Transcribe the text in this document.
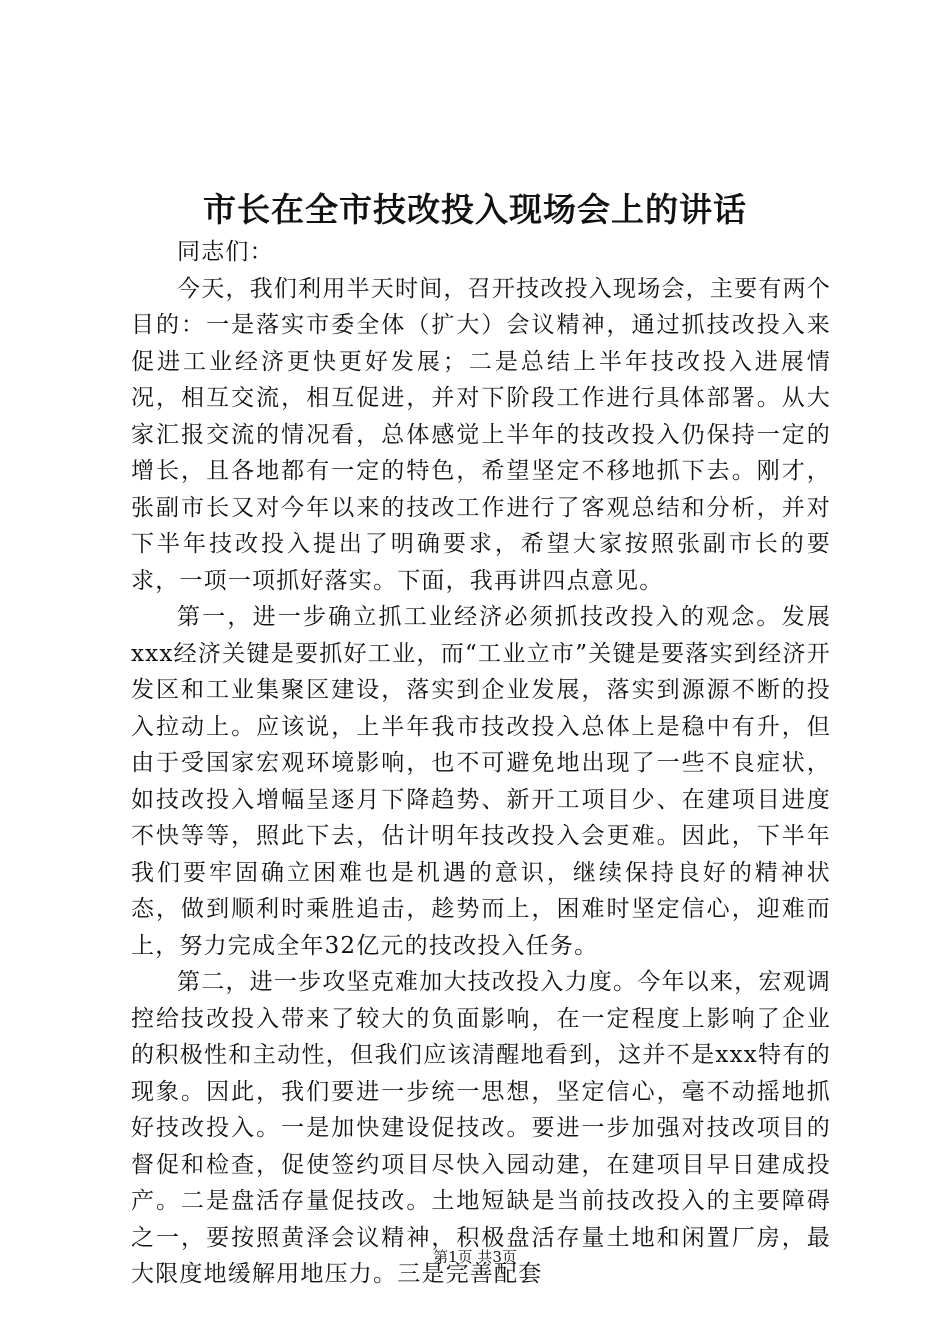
市长在全市技改投入现场会上的讲话

同志们：

今天，我们利用半天时间，召开技改投入现场会，主要有两个目的：一是落实市委全体（扩大）会议精神，通过抓技改投入来促进工业经济更快更好发展；二是总结上半年技改投入进展情况，相互交流，相互促进，并对下阶段工作进行具体部署。从大家汇报交流的情况看，总体感觉上半年的技改投入仍保持一定的增长，且各地都有一定的特色，希望坚定不移地抓下去。刚才，张副市长又对今年以来的技改工作进行了客观总结和分析，并对下半年技改投入提出了明确要求，希望大家按照张副市长的要求，一项一项抓好落实。下面，我再讲四点意见。

第一，进一步确立抓工业经济必须抓技改投入的观念。发展xxx经济关键是要抓好工业，而“工业立市”关键是要落实到经济开发区和工业集聚区建设，落实到企业发展，落实到源源不断的投入拉动上。应该说，上半年我市技改投入总体上是稳中有升，但由于受国家宏观环境影响，也不可避免地出现了一些不良症状，如技改投入增幅呈逐月下降趋势、新开工项目少、在建项目进度不快等等，照此下去，估计明年技改投入会更难。因此，下半年我们要牢固确立困难也是机遇的意识，继续保持良好的精神状态，做到顺利时乘胜追击，趁势而上，困难时坚定信心，迎难而上，努力完成全年32亿元的技改投入任务。

第二，进一步攻坚克难加大技改投入力度。今年以来，宏观调控给技改投入带来了较大的负面影响，在一定程度上影响了企业的积极性和主动性，但我们应该清醒地看到，这并不是xxx特有的现象。因此，我们要进一步统一思想，坚定信心，毫不动摇地抓好技改投入。一是加快建设促技改。要进一步加强对技改项目的督促和检查，促使签约项目尽快入园动建，在建项目早日建成投产。二是盘活存量促技改。土地短缺是当前技改投入的主要障碍之一，要按照黄泽会议精神，积极盘活存量土地和闲置厂房，最大限度地缓解用地压力。三是完善配套

第1页 共3页
